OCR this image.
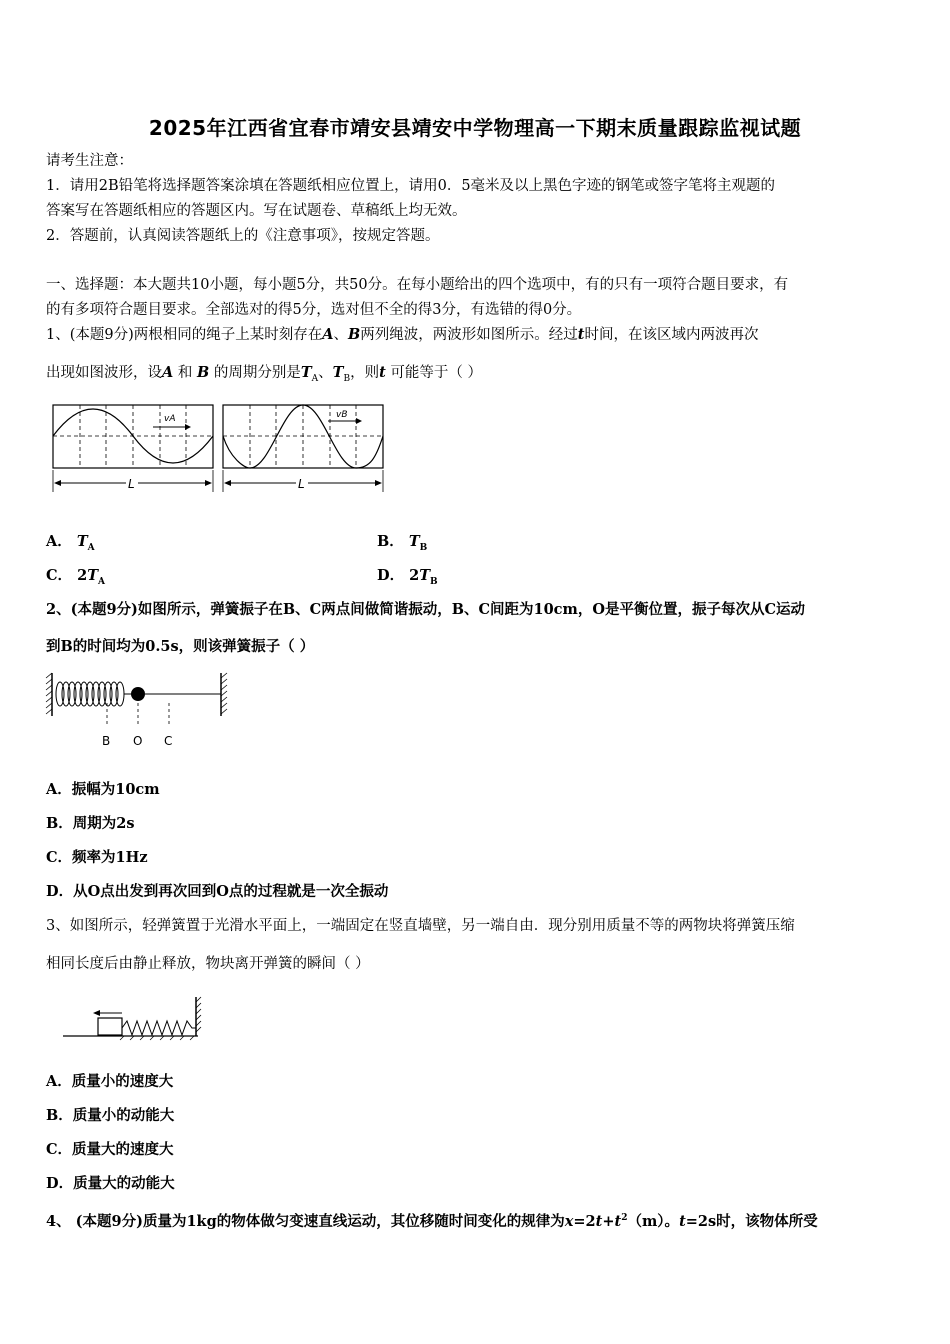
2025年江西省宜春市靖安县靖安中学物理高一下期末质量跟踪监视试题
请考生注意：
1．请用2B铅笔将选择题答案涂填在答题纸相应位置上，请用0．5毫米及以上黑色字迹的钢笔或签字笔将主观题的
答案写在答题纸相应的答题区内。写在试题卷、草稿纸上均无效。
2．答题前，认真阅读答题纸上的《注意事项》，按规定答题。
一、选择题：本大题共10小题，每小题5分，共50分。在每小题给出的四个选项中，有的只有一项符合题目要求，有
的有多项符合题目要求。全部选对的得5分，选对但不全的得3分，有选错的得0分。
1、(本题9分)两根相同的绳子上某时刻存在A、B两列绳波，两波形如图所示。经过t时间，在该区域内两波再次
出现如图波形，设A 和 B 的周期分别是$T_A$、$T_B$，则t 可能等于（ ）
vA	vB
L	L
A． $T_A$	B． $T_B$
C． $2T_A$	D． $2T_B$
2、(本题9分)如图所示，弹簧振子在B、C两点间做简谐振动，B、C间距为10cm，O是平衡位置，振子每次从C运动
到B的时间均为0.5s，则该弹簧振子（ ）
B O C
A．振幅为10cm
B．周期为2s
C．频率为1Hz
D．从O点出发到再次回到O点的过程就是一次全振动
3、如图所示，轻弹簧置于光滑水平面上，一端固定在竖直墙壁，另一端自由．现分别用质量不等的两物块将弹簧压缩
相同长度后由静止释放，物块离开弹簧的瞬间（ ）
A．质量小的速度大
B．质量小的动能大
C．质量大的速度大
D．质量大的动能大
4、 (本题9分)质量为1kg的物体做匀变速直线运动，其位移随时间变化的规律为$x=2t+t^2(m)$。t=2s时，该物体所受
